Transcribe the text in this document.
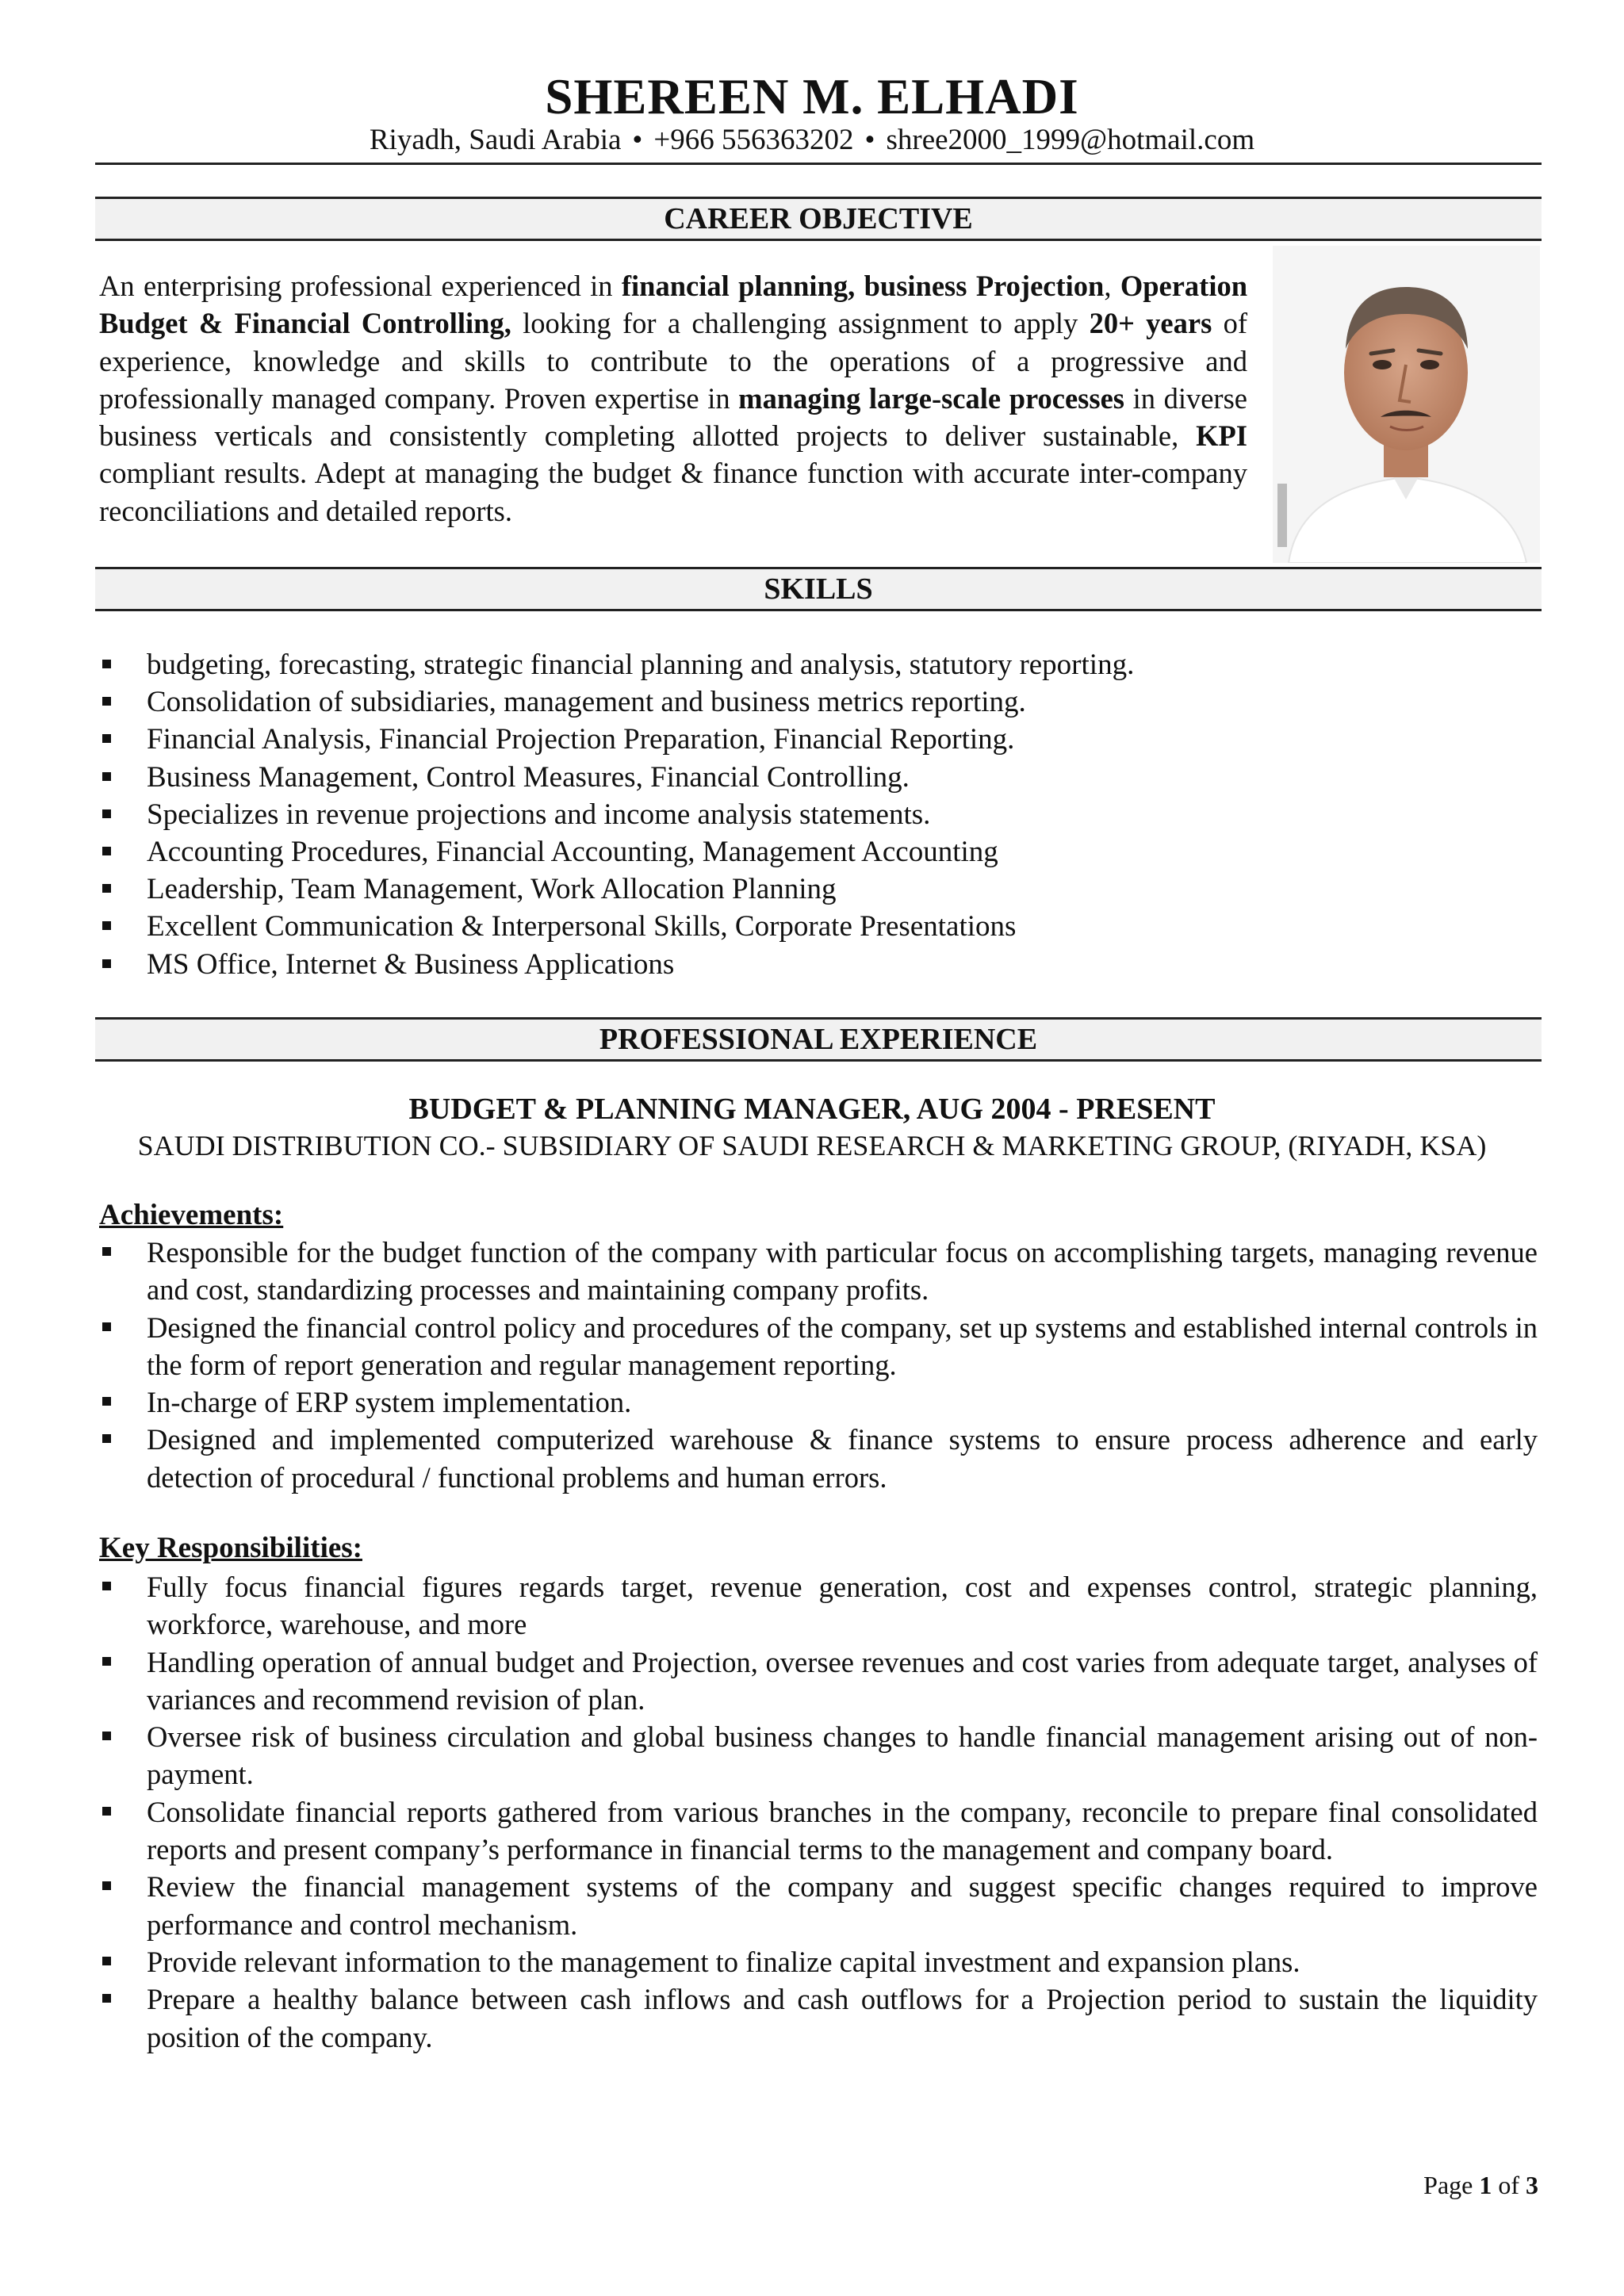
SHEREEN M. ELHADI
Riyadh, Saudi Arabia • +966 556363202 • shree2000_1999@hotmail.com
CAREER OBJECTIVE
An enterprising professional experienced in financial planning, business Projection, Operation Budget & Financial Controlling, looking for a challenging assignment to apply 20+ years of experience, knowledge and skills to contribute to the operations of a progressive and professionally managed company. Proven expertise in managing large-scale processes in diverse business verticals and consistently completing allotted projects to deliver sustainable, KPI compliant results. Adept at managing the budget & finance function with accurate inter-company reconciliations and detailed reports.
SKILLS
budgeting, forecasting, strategic financial planning and analysis, statutory reporting.
Consolidation of subsidiaries, management and business metrics reporting.
Financial Analysis, Financial Projection Preparation, Financial Reporting.
Business Management, Control Measures, Financial Controlling.
Specializes in revenue projections and income analysis statements.
Accounting Procedures, Financial Accounting, Management Accounting
Leadership, Team Management, Work Allocation Planning
Excellent Communication & Interpersonal Skills, Corporate Presentations
MS Office, Internet & Business Applications
PROFESSIONAL EXPERIENCE
BUDGET & PLANNING MANAGER, AUG 2004 - PRESENT
SAUDI DISTRIBUTION CO.- SUBSIDIARY OF SAUDI RESEARCH & MARKETING GROUP, (RIYADH, KSA)
Achievements:
Responsible for the budget function of the company with particular focus on accomplishing targets, managing revenue and cost, standardizing processes and maintaining company profits.
Designed the financial control policy and procedures of the company, set up systems and established internal controls in the form of report generation and regular management reporting.
In-charge of ERP system implementation.
Designed and implemented computerized warehouse & finance systems to ensure process adherence and early detection of procedural / functional problems and human errors.
Key Responsibilities:
Fully focus financial figures regards target, revenue generation, cost and expenses control, strategic planning, workforce, warehouse, and more
Handling operation of annual budget and Projection, oversee revenues and cost varies from adequate target, analyses of variances and recommend revision of plan.
Oversee risk of business circulation and global business changes to handle financial management arising out of non-payment.
Consolidate financial reports gathered from various branches in the company, reconcile to prepare final consolidated reports and present company’s performance in financial terms to the management and company board.
Review the financial management systems of the company and suggest specific changes required to improve performance and control mechanism.
Provide relevant information to the management to finalize capital investment and expansion plans.
Prepare a healthy balance between cash inflows and cash outflows for a Projection period to sustain the liquidity position of the company.
Page 1 of 3
